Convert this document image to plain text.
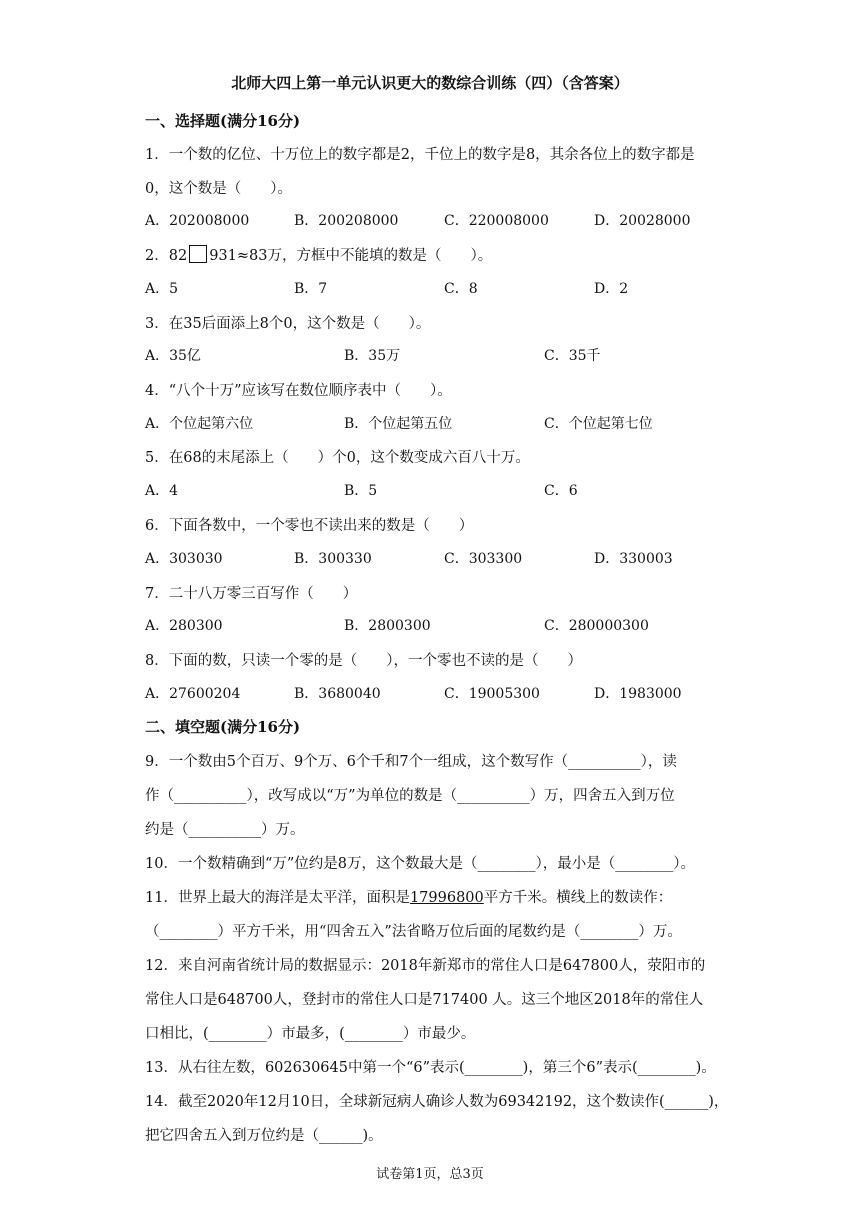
北师大四上第一单元认识更大的数综合训练（四）（含答案）
一、选择题(满分16分)
1．一个数的亿位、十万位上的数字都是2，千位上的数字是8，其余各位上的数字都是
0，这个数是（　　）。
A．202008000	B．200208000	C．220008000	D．20028000
2．82 931≈83万，方框中不能填的数是（　　）。
A．5	B．7	C．8	D．2
3．在35后面添上8个0，这个数是（　　）。
A．35亿	B．35万	C．35千
4．“八个十万”应该写在数位顺序表中（　　）。
A．个位起第六位	B．个位起第五位	C．个位起第七位
5．在68的末尾添上（　　）个0，这个数变成六百八十万。
A．4	B．5	C．6
6．下面各数中，一个零也不读出来的数是（　　）
A．303030	B．300330	C．303300	D．330003
7．二十八万零三百写作（　　）
A．280300	B．2800300	C．280000300
8．下面的数，只读一个零的是（　　），一个零也不读的是（　　）
A．27600204	B．3680040	C．19005300	D．1983000
二、填空题(满分16分)
9．一个数由5个百万、9个万、6个千和7个一组成，这个数写作（__________），读
作（__________），改写成以“万”为单位的数是（__________）万，四舍五入到万位
约是（__________）万。
10．一个数精确到“万”位约是8万，这个数最大是（________），最小是（________）。
11．世界上最大的海洋是太平洋，面积是17996800平方千米。横线上的数读作：
（________）平方千米，用“四舍五入”法省略万位后面的尾数约是（________）万。
12．来自河南省统计局的数据显示：2018年新郑市的常住人口是647800人，荥阳市的
常住人口是648700人，登封市的常住人口是717400 人。这三个地区2018年的常住人
口相比，(________）市最多，(________）市最少。
13．从右往左数，602630645中第一个“6”表示(________)，第三个6”表示(________)。
14．截至2020年12月10日，全球新冠病人确诊人数为69342192，这个数读作(______)，
把它四舍五入到万位约是（______)。
试卷第1页，总3页
